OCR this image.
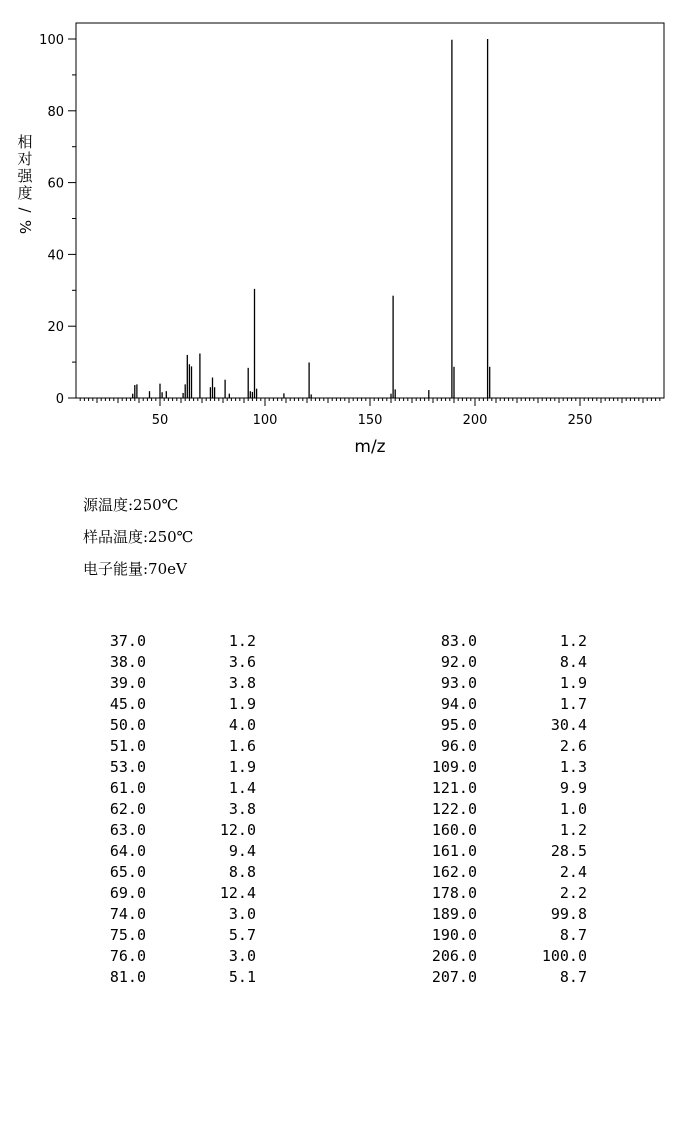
50	100	150	200	250
0
20
40
60
80
100
m/z
相
对
强
度
/
%
源温度:250℃
样品温度:250℃
电子能量:70eV
37.0	1.2
38.0	3.6
39.0	3.8
45.0	1.9
50.0	4.0
51.0	1.6
53.0	1.9
61.0	1.4
62.0	3.8
63.0	12.0
64.0	9.4
65.0	8.8
69.0	12.4
74.0	3.0
75.0	5.7
76.0	3.0
81.0	5.1
83.0	1.2
92.0	8.4
93.0	1.9
94.0	1.7
95.0	30.4
96.0	2.6
109.0	1.3
121.0	9.9
122.0	1.0
160.0	1.2
161.0	28.5
162.0	2.4
178.0	2.2
189.0	99.8
190.0	8.7
206.0	100.0
207.0	8.7
